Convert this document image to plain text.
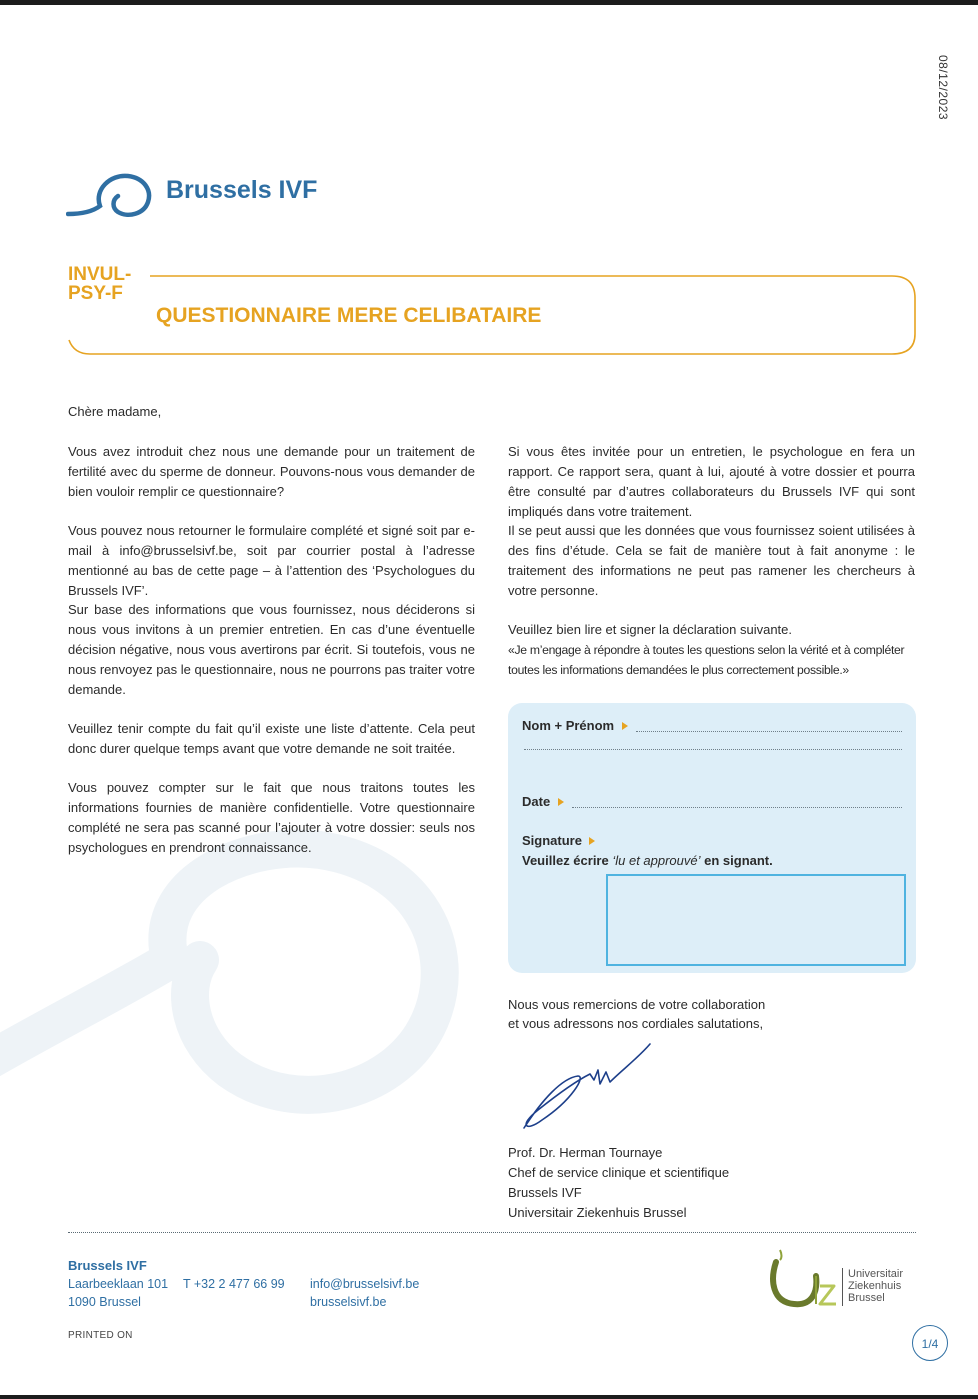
08/12/2023
Brussels IVF
INVUL-
PSY-F
QUESTIONNAIRE MERE CELIBATAIRE
Chère madame,
Vous avez introduit chez nous une demande pour un traitement de fertilité avec du sperme de donneur. Pouvons-nous vous demander de bien vouloir remplir ce questionnaire?
Vous pouvez nous retourner le formulaire complété et signé soit par e-mail à info@brusselsivf.be, soit par courrier postal à l’adresse mentionné au bas de cette page – à l’attention des ‘Psychologues du Brussels IVF’.
Sur base des informations que vous fournissez, nous déciderons si nous vous invitons à un premier entretien. En cas d’une éventuelle décision négative, nous vous avertirons par écrit. Si toutefois, vous ne nous renvoyez pas le questionnaire, nous ne pourrons pas traiter votre demande.
Veuillez tenir compte du fait qu’il existe une liste d’attente. Cela peut donc durer quelque temps avant que votre demande ne soit traitée.
Vous pouvez compter sur le fait que nous traitons toutes les informations fournies de manière confidentielle. Votre questionnaire complété ne sera pas scanné pour l’ajouter à votre dossier: seuls nos psychologues en prendront connaissance.
Si vous êtes invitée pour un entretien, le psychologue en fera un rapport. Ce rapport sera, quant à lui, ajouté à votre dossier et pourra être consulté par d’autres collaborateurs du Brussels IVF qui sont impliqués dans votre traitement.
Il se peut aussi que les données que vous fournissez soient utilisées à des fins d’étude. Cela se fait de manière tout à fait anonyme : le traitement des informations ne peut pas ramener les chercheurs à votre personne.
Veuillez bien lire et signer la déclaration suivante.
«Je m’engage à répondre à toutes les questions selon la vérité et à compléter toutes les informations demandées le plus correctement possible.»
Nom + Prénom
Date
Signature
Veuillez écrire ‘lu et approuvé’ en signant.
Nous vous remercions de votre collaboration
et vous adressons nos cordiales salutations,
Prof. Dr. Herman Tournaye
Chef de service clinique et scientifique
Brussels IVF
Universitair Ziekenhuis Brussel
Brussels IVF
Laarbeeklaan 101
1090 Brussel
T +32 2 477 66 99 info@brusselsivf.be
brusselsivf.be
PRINTED ON
Universitair
Ziekenhuis
Brussel
1/4
